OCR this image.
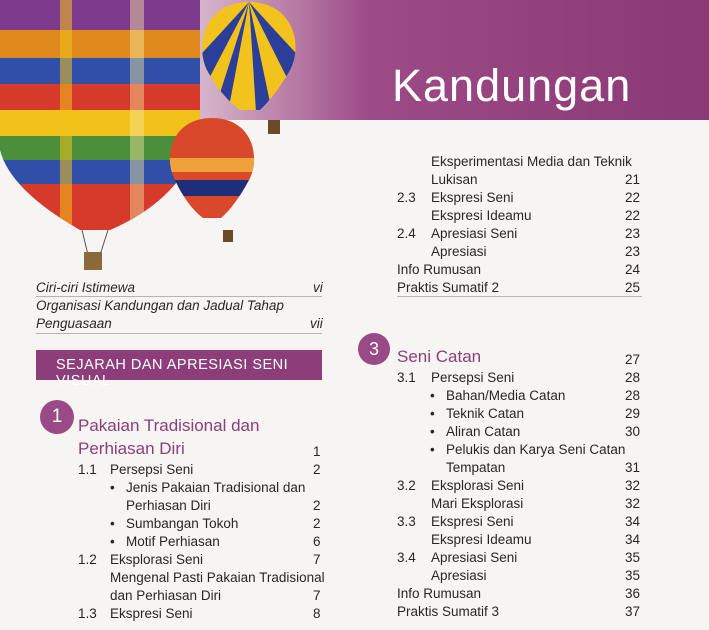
Kandungan
Ciri-ciri Istimewa	vi
Organisasi Kandungan dan Jadual Tahap
Penguasaan	vii
SEJARAH DAN APRESIASI SENI VISUAL
1 Pakaian Tradisional dan
Perhiasan Diri	1
1.1 Persepsi Seni	2
• Jenis Pakaian Tradisional dan
Perhiasan Diri	2
• Sumbangan Tokoh	2
• Motif Perhiasan	6
1.2 Eksplorasi Seni	7
Mengenal Pasti Pakaian Tradisional
dan Perhiasan Diri	7
1.3 Ekspresi Seni	8
Eksperimentasi Media dan Teknik
Lukisan	21
2.3 Ekspresi Seni	22
Ekspresi Ideamu	22
2.4 Apresiasi Seni	23
Apresiasi	23
Info Rumusan	24
Praktis Sumatif 2	25
3	Seni Catan	27
3.1 Persepsi Seni	28
• Bahan/Media Catan	28
• Teknik Catan	29
• Aliran Catan	30
• Pelukis dan Karya Seni Catan
Tempatan	31
3.2 Eksplorasi Seni	32
Mari Eksplorasi	32
3.3 Ekspresi Seni	34
Ekspresi Ideamu	34
3.4 Apresiasi Seni	35
Apresiasi	35
Info Rumusan	36
Praktis Sumatif 3	37
